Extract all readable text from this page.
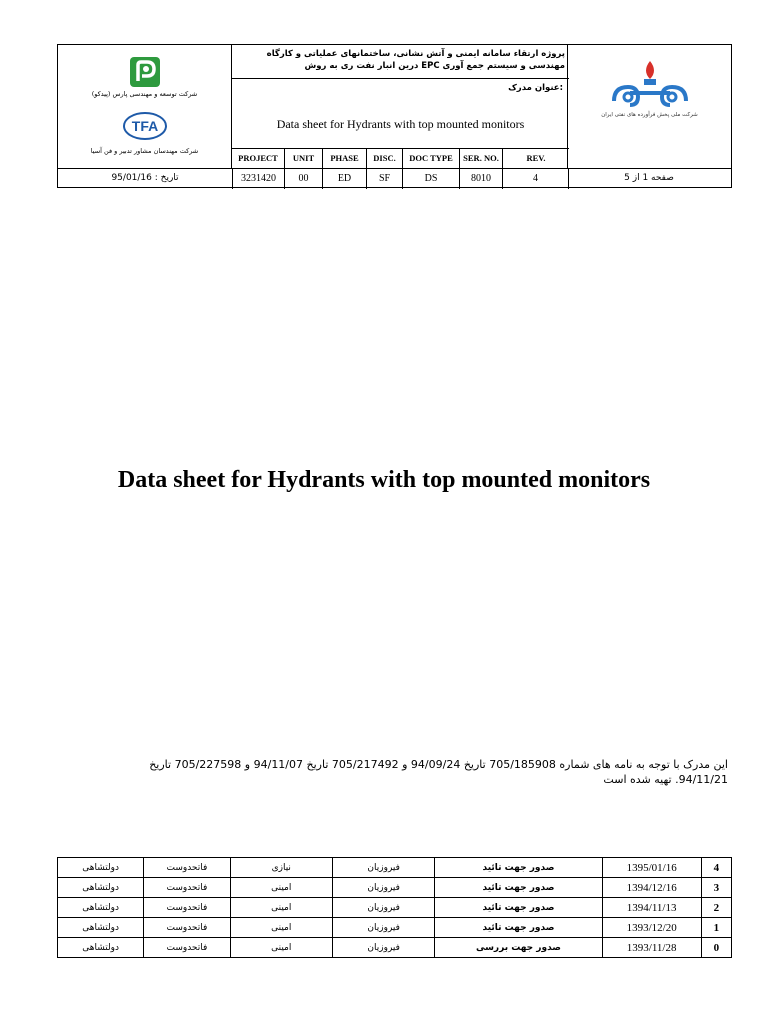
شرکت توسعه و مهندسی پارس (پیدکو)
TFA
شرکت مهندسان مشاور تدبیر و فن آسیا
پروژه ارتقاء سامانه ایمنی و آتش نشانی، ساختمانهای عملیاتی و کارگاه مهندسی و سیستم جمع آوری EPC درین انبار نفت ری به روش
:عنوان مدرک
Data sheet for Hydrants with top mounted monitors
PROJECT	UNIT	PHASE	DISC.	DOC TYPE	SER. NO.	REV.
شرکت ملی پخش فرآورده های نفتی ایران
تاریخ : 95/01/16	3231420	00	ED	SF	DS	8010	4	صفحه 1 از 5
Data sheet for Hydrants with top mounted monitors
این مدرک با توجه به نامه های شماره 705/185908 تاریخ 94/09/24 و 705/217492 تاریخ 94/11/07 و 705/227598 تاریخ
94/11/21. تهیه شده است
دولتشاهی	فاتحدوست	نیازی	فیروزیان	صدور جهت تائید	1395/01/16	4
دولتشاهی	فاتحدوست	امینی	فیروزیان	صدور جهت تائید	1394/12/16	3
دولتشاهی	فاتحدوست	امینی	فیروزیان	صدور جهت تائید	1394/11/13	2
دولتشاهی	فاتحدوست	امینی	فیروزیان	صدور جهت تائید	1393/12/20	1
دولتشاهی	فاتحدوست	امینی	فیروزیان	صدور جهت بررسی	1393/11/28	0
